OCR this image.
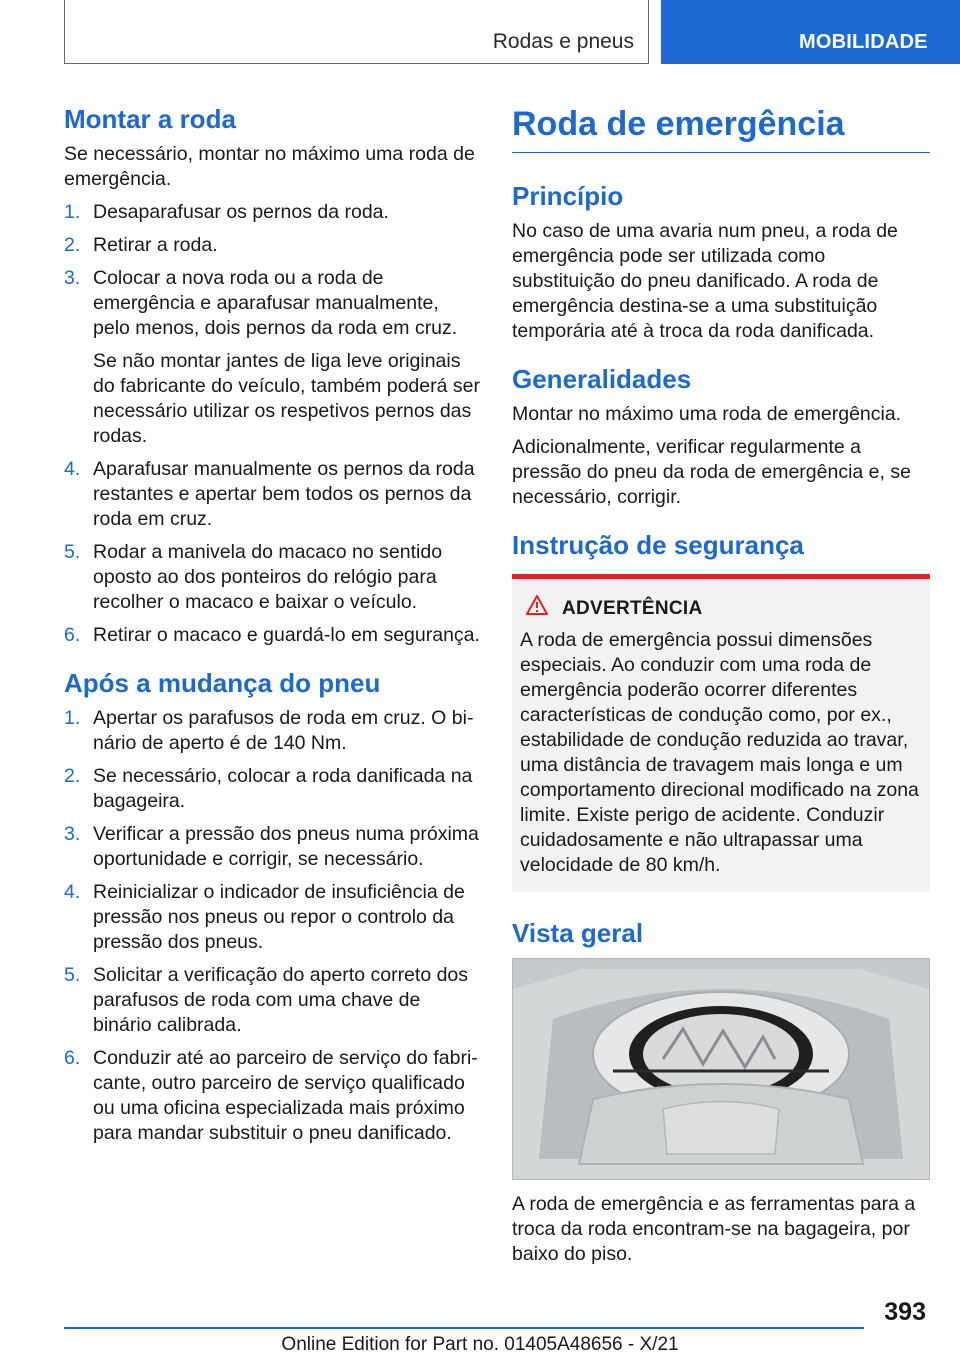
Rodas e pneus	MOBILIDADE
Montar a roda

Se necessário, montar no máximo uma roda de emergência.

1. Desaparafusar os pernos da roda.
2. Retirar a roda.
3. Colocar a nova roda ou a roda de emergência e aparafusar manualmente, pelo menos, dois pernos da roda em cruz.
Se não montar jantes de liga leve originais do fabricante do veículo, também poderá ser necessário utilizar os respetivos pernos das rodas.
4. Aparafusar manualmente os pernos da roda restantes e apertar bem todos os pernos da roda em cruz.
5. Rodar a manivela do macaco no sentido oposto ao dos ponteiros do relógio para recolher o macaco e baixar o veículo.
6. Retirar o macaco e guardá-lo em segurança.
Após a mudança do pneu
1. Apertar os parafusos de roda em cruz. O binário de aperto é de 140 Nm.
2. Se necessário, colocar a roda danificada na bagageira.
3. Verificar a pressão dos pneus numa próxima oportunidade e corrigir, se necessário.
4. Reinicializar o indicador de insuficiência de pressão nos pneus ou repor o controlo da pressão dos pneus.
5. Solicitar a verificação do aperto correto dos parafusos de roda com uma chave de binário calibrada.
6. Conduzir até ao parceiro de serviço do fabricante, outro parceiro de serviço qualificado ou uma oficina especializada mais próximo para mandar substituir o pneu danificado.
Roda de emergência
Princípio

No caso de uma avaria num pneu, a roda de emergência pode ser utilizada como substituição do pneu danificado. A roda de emergência destina-se a uma substituição temporária até à troca da roda danificada.

Generalidades

Montar no máximo uma roda de emergência.

Adicionalmente, verificar regularmente a pressão do pneu da roda de emergência e, se necessário, corrigir.

Instrução de segurança
ADVERTÊNCIA
A roda de emergência possui dimensões especiais. Ao conduzir com uma roda de emergência poderão ocorrer diferentes características de condução como, por ex., estabilidade de condução reduzida ao travar, uma distância de travagem mais longa e um comportamento direcional modificado na zona limite. Existe perigo de acidente. Conduzir cuidadosamente e não ultrapassar uma velocidade de 80 km/h.
Vista geral

A roda de emergência e as ferramentas para a troca da roda encontram-se na bagageira, por baixo do piso.

393
Online Edition for Part no. 01405A48656 - X/21
